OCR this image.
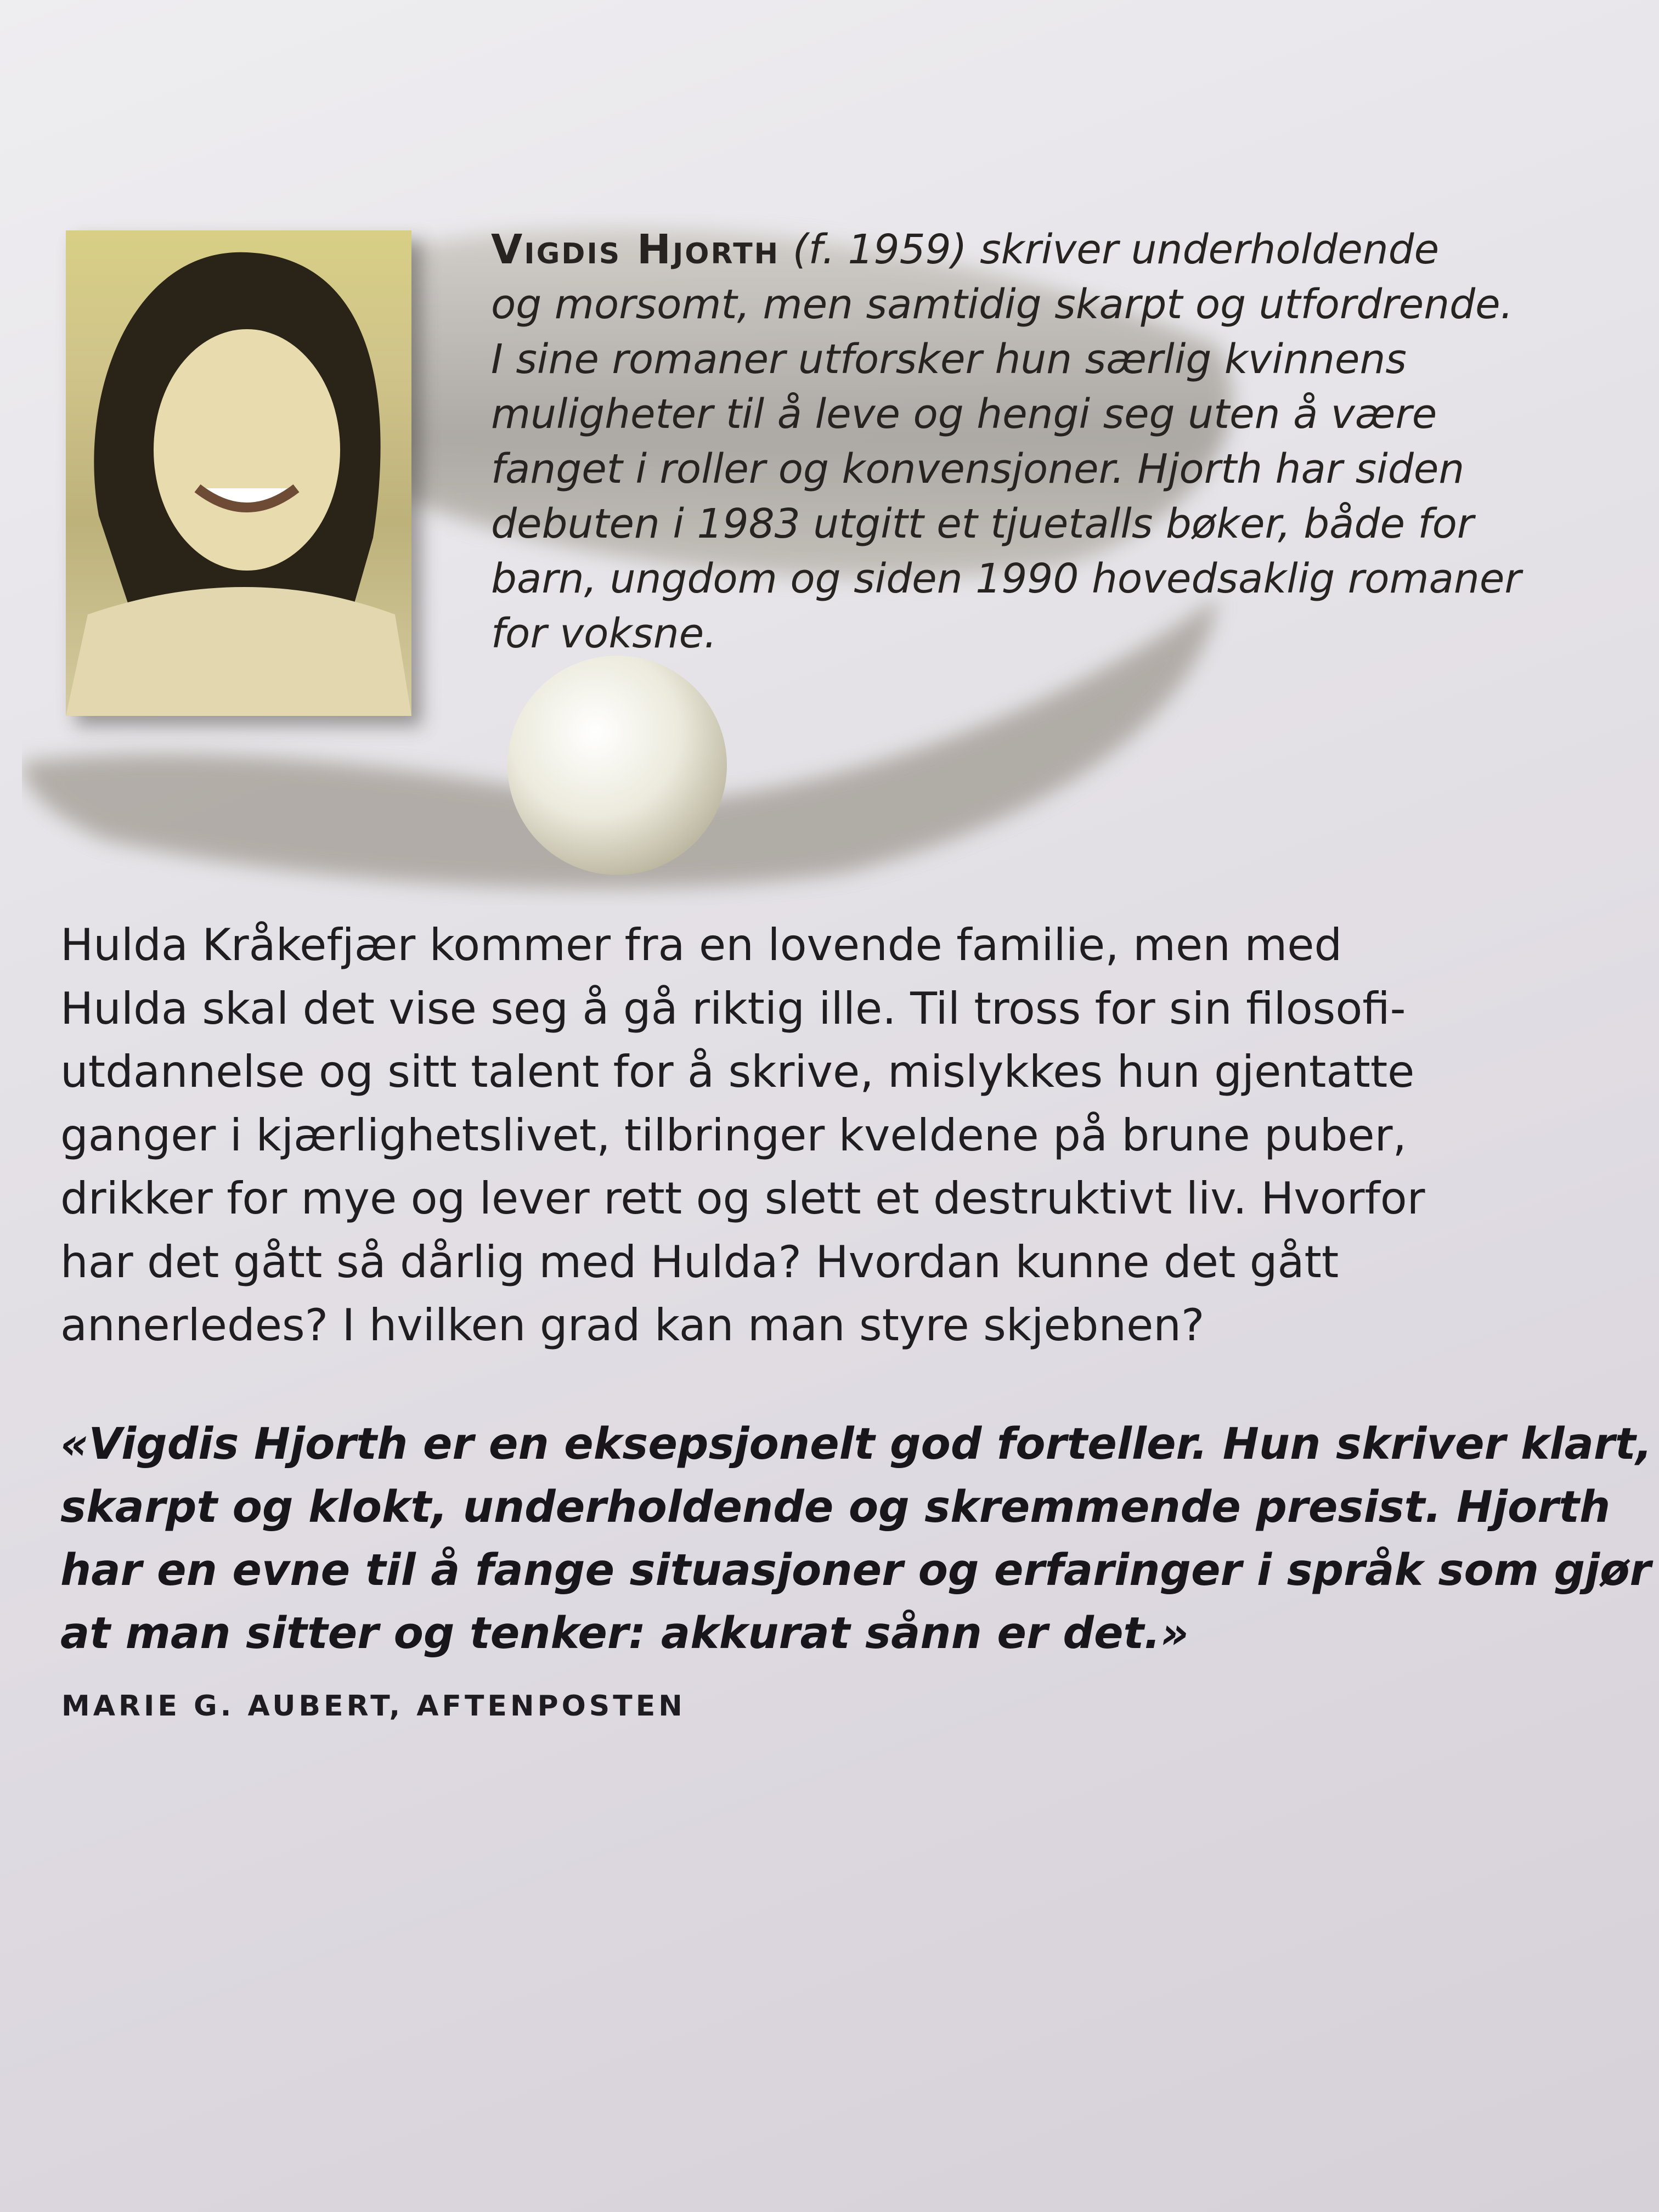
Vigdis Hjorth (f. 1959) skriver underholdende
og morsomt, men samtidig skarpt og utfordrende.
I sine romaner utforsker hun særlig kvinnens
muligheter til å leve og hengi seg uten å være
fanget i roller og konvensjoner. Hjorth har siden
debuten i 1983 utgitt et tjuetalls bøker, både for
barn, ungdom og siden 1990 hovedsaklig romaner
for voksne.
Hulda Kråkefjær kommer fra en lovende familie, men med
Hulda skal det vise seg å gå riktig ille. Til tross for sin filosofi-
utdannelse og sitt talent for å skrive, mislykkes hun gjentatte
ganger i kjærlighetslivet, tilbringer kveldene på brune puber,
drikker for mye og lever rett og slett et destruktivt liv. Hvorfor
har det gått så dårlig med Hulda? Hvordan kunne det gått
annerledes? I hvilken grad kan man styre skjebnen?
«Vigdis Hjorth er en eksepsjonelt god forteller. Hun skriver klart,
skarpt og klokt, underholdende og skremmende presist. Hjorth
har en evne til å fange situasjoner og erfaringer i språk som gjør
at man sitter og tenker: akkurat sånn er det.»
MARIE G. AUBERT, AFTENPOSTEN
